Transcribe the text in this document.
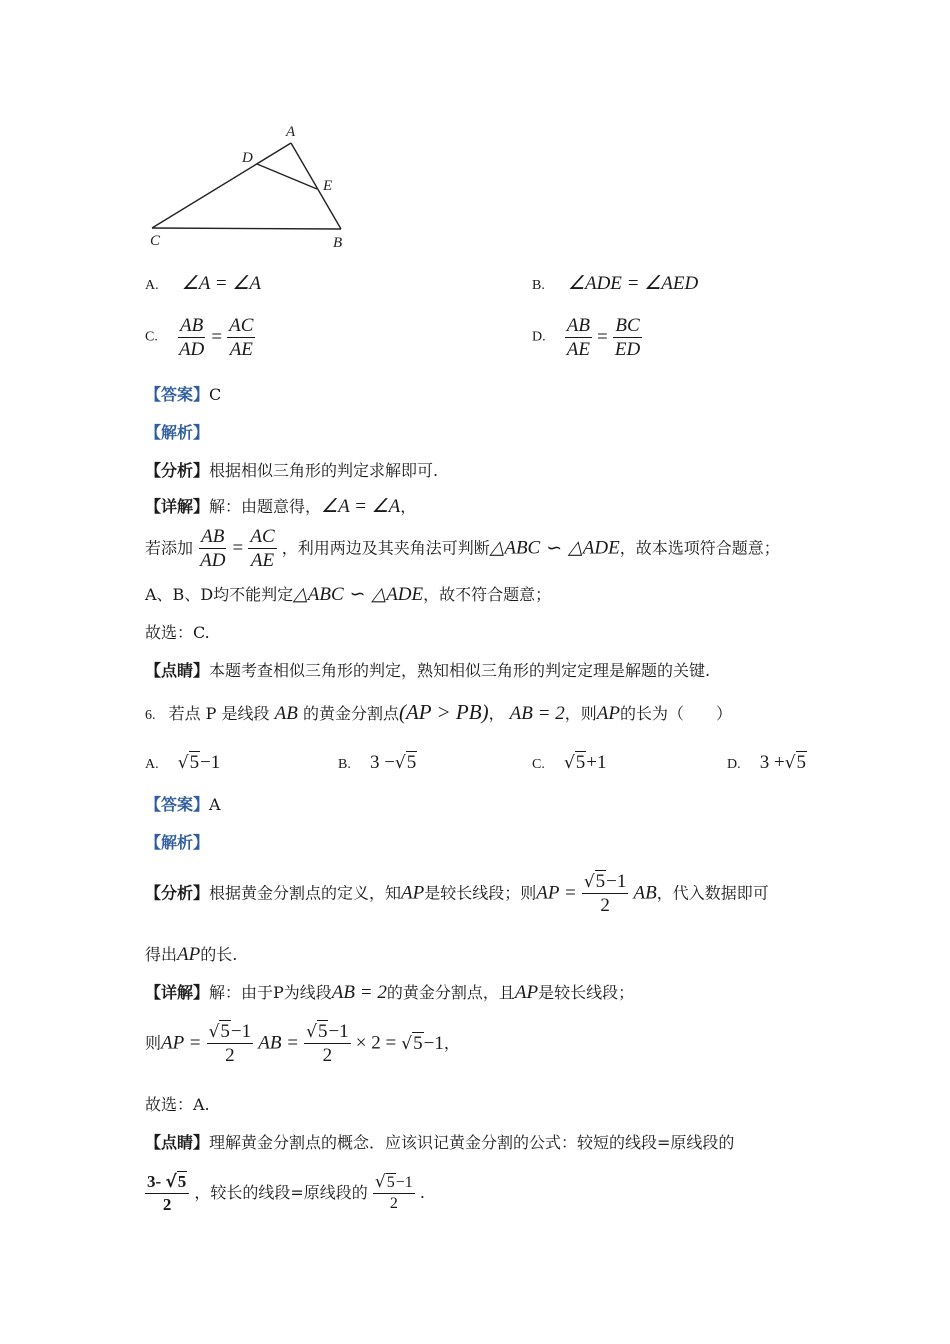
A
D
E
C	B
A. ∠A = ∠A	B. ∠ADE = ∠AED
C. $\frac{AB}{AD} = \frac{AC}{AE}$	D. $\frac{AB}{AE} = \frac{BC}{ED}$
【答案】C
【解析】
【分析】根据相似三角形的判定求解即可.
【详解】解：由题意得，∠A = ∠A，
若添加 $\frac{AB}{AD} = \frac{AC}{AE}$ ，利用两边及其夹角法可判断△ABC ∽ △ADE，故本选项符合题意；
A、B、D均不能判定△ABC ∽ △ADE，故不符合题意；
故选：C.
【点睛】本题考查相似三角形的判定，熟知相似三角形的判定定理是解题的关键.
6. 若点 P 是线段 AB 的黄金分割点(AP > PB)， AB = 2，则AP的长为（　　）
A. √5−1	B. 3 −√5	C. √5+1	D. 3 +√5
【答案】A
【解析】
【分析】根据黄金分割点的定义，知AP是较长线段；则AP = $\frac{√5-1}{2}$ AB，代入数据即可
得出AP的长.
【详解】解：由于P为线段AB = 2的黄金分割点，且AP是较长线段；
则AP = $\frac{√5-1}{2}$ AB = $\frac{√5-1}{2} \times 2 = √5-1$，
故选：A.
【点睛】理解黄金分割点的概念．应该识记黄金分割的公式：较短的线段=原线段的
$\frac{3- √5}{2}$ ，较长的线段=原线段的 $\frac{√5-1}{2}$ .
